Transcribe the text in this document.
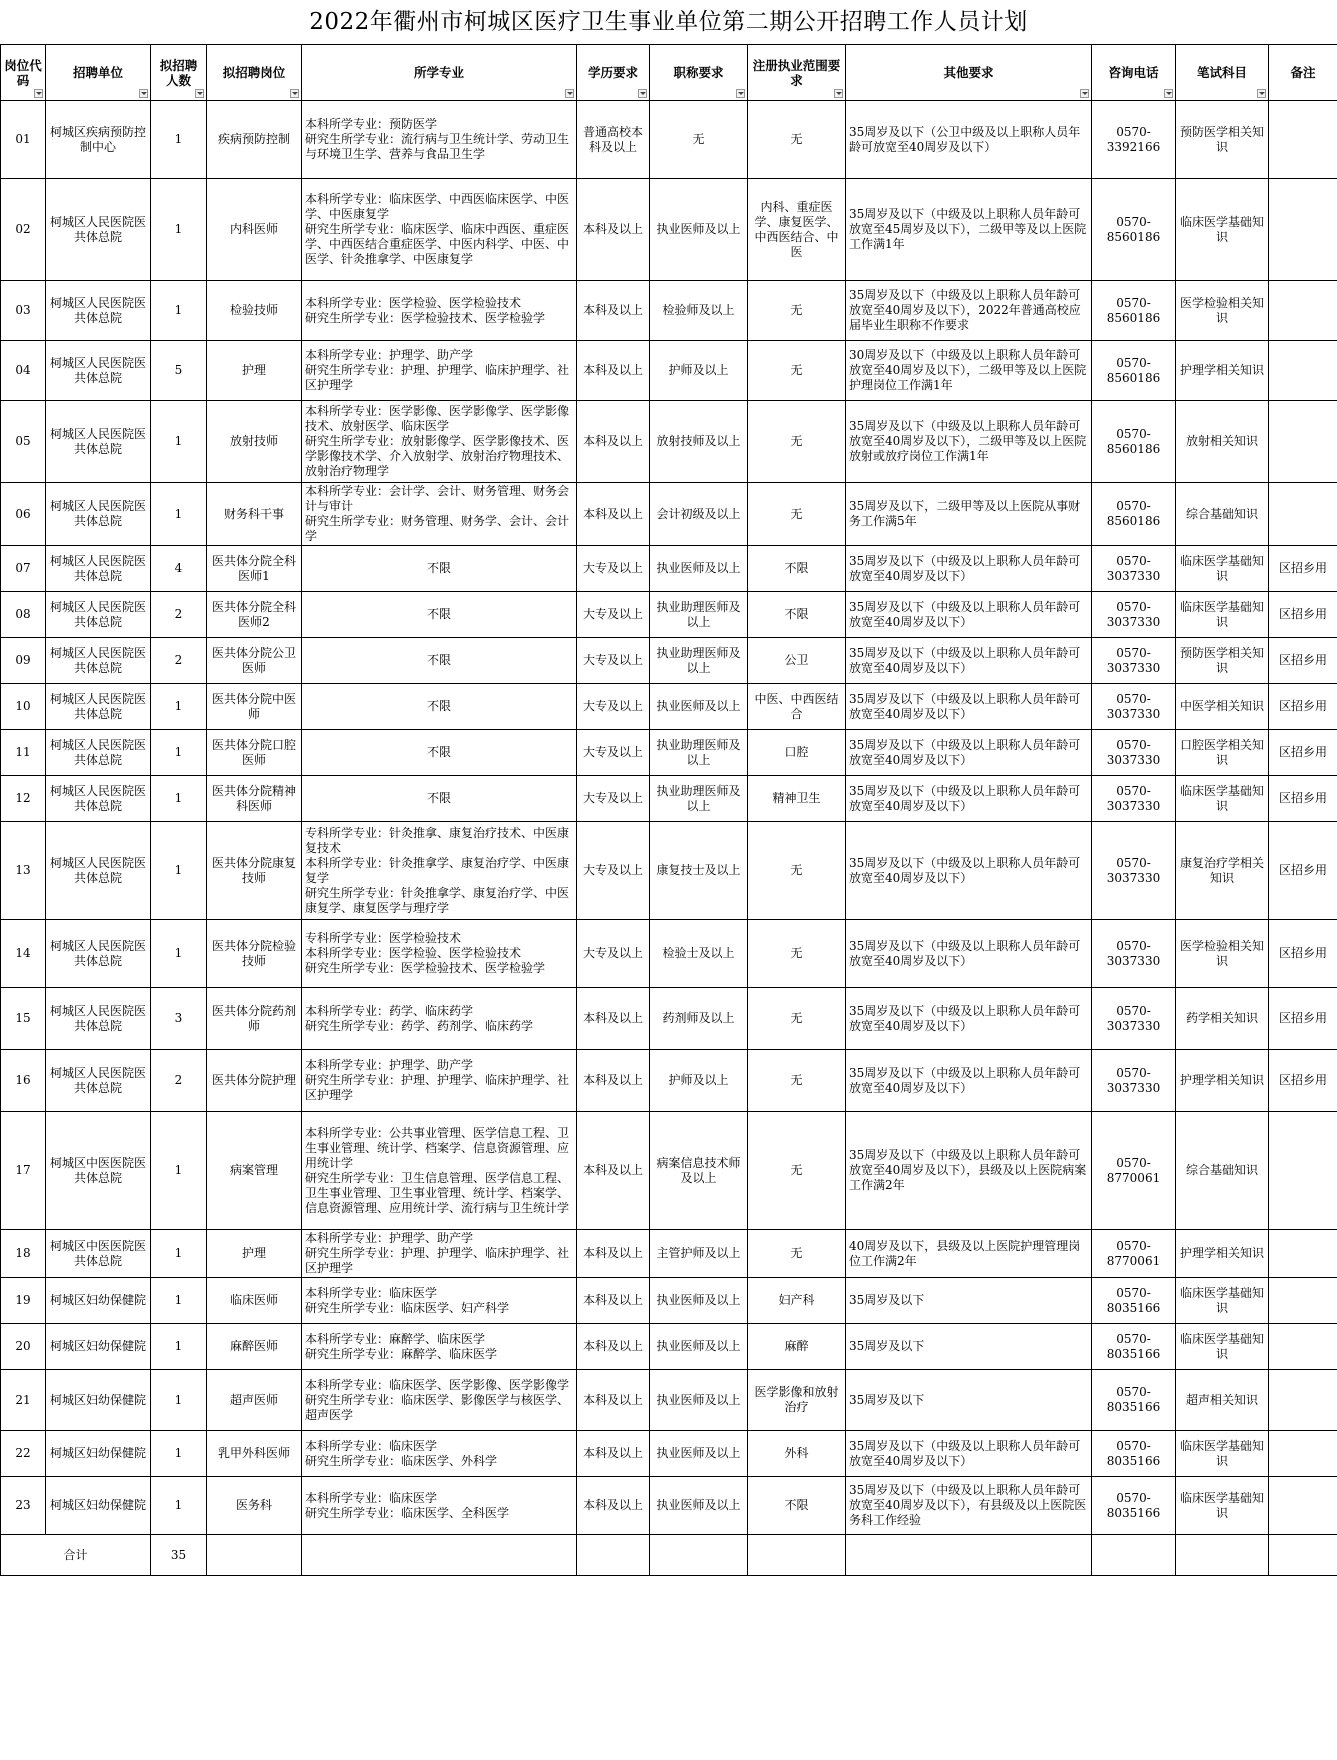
2022年衢州市柯城区医疗卫生事业单位第二期公开招聘工作人员计划
岗位代码	招聘单位	拟招聘人数	拟招聘岗位	所学专业	学历要求	职称要求	注册执业范围要求	其他要求	咨询电话	笔试科目	备注
01	柯城区疾病预防控制中心	1	疾病预防控制	本科所学专业：预防医学
研究生所学专业：流行病与卫生统计学、劳动卫生与环境卫生学、营养与食品卫生学	普通高校本科及以上	无	无	35周岁及以下（公卫中级及以上职称人员年龄可放宽至40周岁及以下）	0570-3392166	预防医学相关知识	
02	柯城区人民医院医共体总院	1	内科医师	本科所学专业：临床医学、中西医临床医学、中医学、中医康复学
研究生所学专业：临床医学、临床中西医、重症医学、中西医结合重症医学、中医内科学、中医、中医学、针灸推拿学、中医康复学	本科及以上	执业医师及以上	内科、重症医学、康复医学、中西医结合、中医	35周岁及以下（中级及以上职称人员年龄可放宽至45周岁及以下），二级甲等及以上医院工作满1年	0570-8560186	临床医学基础知识	
03	柯城区人民医院医共体总院	1	检验技师	本科所学专业：医学检验、医学检验技术
研究生所学专业：医学检验技术、医学检验学	本科及以上	检验师及以上	无	35周岁及以下（中级及以上职称人员年龄可放宽至40周岁及以下），2022年普通高校应届毕业生职称不作要求	0570-8560186	医学检验相关知识	
04	柯城区人民医院医共体总院	5	护理	本科所学专业：护理学、助产学
研究生所学专业：护理、护理学、临床护理学、社区护理学	本科及以上	护师及以上	无	30周岁及以下（中级及以上职称人员年龄可放宽至40周岁及以下），二级甲等及以上医院护理岗位工作满1年	0570-8560186	护理学相关知识	
05	柯城区人民医院医共体总院	1	放射技师	本科所学专业：医学影像、医学影像学、医学影像技术、放射医学、临床医学
研究生所学专业：放射影像学、医学影像技术、医学影像技术学、介入放射学、放射治疗物理技术、放射治疗物理学	本科及以上	放射技师及以上	无	35周岁及以下（中级及以上职称人员年龄可放宽至40周岁及以下），二级甲等及以上医院放射或放疗岗位工作满1年	0570-8560186	放射相关知识	
06	柯城区人民医院医共体总院	1	财务科干事	本科所学专业：会计学、会计、财务管理、财务会计与审计
研究生所学专业：财务管理、财务学、会计、会计学	本科及以上	会计初级及以上	无	35周岁及以下，二级甲等及以上医院从事财务工作满5年	0570-8560186	综合基础知识	
07	柯城区人民医院医共体总院	4	医共体分院全科医师1	不限	大专及以上	执业医师及以上	不限	35周岁及以下（中级及以上职称人员年龄可放宽至40周岁及以下）	0570-3037330	临床医学基础知识	区招乡用
08	柯城区人民医院医共体总院	2	医共体分院全科医师2	不限	大专及以上	执业助理医师及以上	不限	35周岁及以下（中级及以上职称人员年龄可放宽至40周岁及以下）	0570-3037330	临床医学基础知识	区招乡用
09	柯城区人民医院医共体总院	2	医共体分院公卫医师	不限	大专及以上	执业助理医师及以上	公卫	35周岁及以下（中级及以上职称人员年龄可放宽至40周岁及以下）	0570-3037330	预防医学相关知识	区招乡用
10	柯城区人民医院医共体总院	1	医共体分院中医师	不限	大专及以上	执业医师及以上	中医、中西医结合	35周岁及以下（中级及以上职称人员年龄可放宽至40周岁及以下）	0570-3037330	中医学相关知识	区招乡用
11	柯城区人民医院医共体总院	1	医共体分院口腔医师	不限	大专及以上	执业助理医师及以上	口腔	35周岁及以下（中级及以上职称人员年龄可放宽至40周岁及以下）	0570-3037330	口腔医学相关知识	区招乡用
12	柯城区人民医院医共体总院	1	医共体分院精神科医师	不限	大专及以上	执业助理医师及以上	精神卫生	35周岁及以下（中级及以上职称人员年龄可放宽至40周岁及以下）	0570-3037330	临床医学基础知识	区招乡用
13	柯城区人民医院医共体总院	1	医共体分院康复技师	专科所学专业：针灸推拿、康复治疗技术、中医康复技术
本科所学专业：针灸推拿学、康复治疗学、中医康复学
研究生所学专业：针灸推拿学、康复治疗学、中医康复学、康复医学与理疗学	大专及以上	康复技士及以上	无	35周岁及以下（中级及以上职称人员年龄可放宽至40周岁及以下）	0570-3037330	康复治疗学相关知识	区招乡用
14	柯城区人民医院医共体总院	1	医共体分院检验技师	专科所学专业：医学检验技术
本科所学专业：医学检验、医学检验技术
研究生所学专业：医学检验技术、医学检验学	大专及以上	检验士及以上	无	35周岁及以下（中级及以上职称人员年龄可放宽至40周岁及以下）	0570-3037330	医学检验相关知识	区招乡用
15	柯城区人民医院医共体总院	3	医共体分院药剂师	本科所学专业：药学、临床药学
研究生所学专业：药学、药剂学、临床药学	本科及以上	药剂师及以上	无	35周岁及以下（中级及以上职称人员年龄可放宽至40周岁及以下）	0570-3037330	药学相关知识	区招乡用
16	柯城区人民医院医共体总院	2	医共体分院护理	本科所学专业：护理学、助产学
研究生所学专业：护理、护理学、临床护理学、社区护理学	本科及以上	护师及以上	无	35周岁及以下（中级及以上职称人员年龄可放宽至40周岁及以下）	0570-3037330	护理学相关知识	区招乡用
17	柯城区中医医院医共体总院	1	病案管理	本科所学专业：公共事业管理、医学信息工程、卫生事业管理、统计学、档案学、信息资源管理、应用统计学
研究生所学专业：卫生信息管理、医学信息工程、卫生事业管理、卫生事业管理、统计学、档案学、信息资源管理、应用统计学、流行病与卫生统计学	本科及以上	病案信息技术师及以上	无	35周岁及以下（中级及以上职称人员年龄可放宽至40周岁及以下），县级及以上医院病案工作满2年	0570-8770061	综合基础知识	
18	柯城区中医医院医共体总院	1	护理	本科所学专业：护理学、助产学
研究生所学专业：护理、护理学、临床护理学、社区护理学	本科及以上	主管护师及以上	无	40周岁及以下，县级及以上医院护理管理岗位工作满2年	0570-8770061	护理学相关知识	
19	柯城区妇幼保健院	1	临床医师	本科所学专业：临床医学
研究生所学专业：临床医学、妇产科学	本科及以上	执业医师及以上	妇产科	35周岁及以下	0570-8035166	临床医学基础知识	
20	柯城区妇幼保健院	1	麻醉医师	本科所学专业：麻醉学、临床医学
研究生所学专业：麻醉学、临床医学	本科及以上	执业医师及以上	麻醉	35周岁及以下	0570-8035166	临床医学基础知识	
21	柯城区妇幼保健院	1	超声医师	本科所学专业：临床医学、医学影像、医学影像学
研究生所学专业：临床医学、影像医学与核医学、超声医学	本科及以上	执业医师及以上	医学影像和放射治疗	35周岁及以下	0570-8035166	超声相关知识	
22	柯城区妇幼保健院	1	乳甲外科医师	本科所学专业：临床医学
研究生所学专业：临床医学、外科学	本科及以上	执业医师及以上	外科	35周岁及以下（中级及以上职称人员年龄可放宽至40周岁及以下）	0570-8035166	临床医学基础知识	
23	柯城区妇幼保健院	1	医务科	本科所学专业：临床医学
研究生所学专业：临床医学、全科医学	本科及以上	执业医师及以上	不限	35周岁及以下（中级及以上职称人员年龄可放宽至40周岁及以下），有县级及以上医院医务科工作经验	0570-8035166	临床医学基础知识	
合计		35									
